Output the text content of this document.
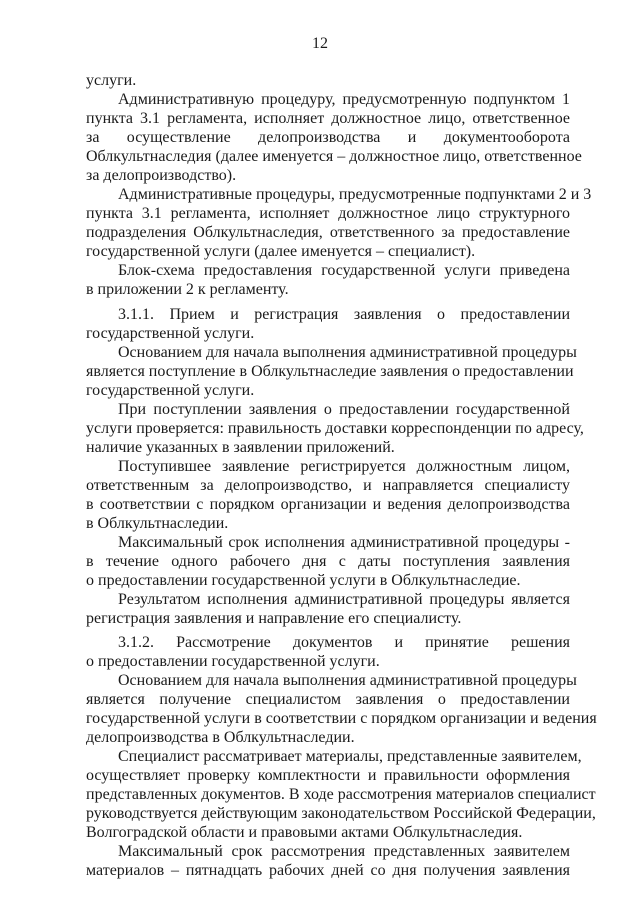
12
услуги.
Административную процедуру, предусмотренную подпунктом 1
пункта 3.1 регламента, исполняет должностное лицо, ответственное
за осуществление делопроизводства и документооборота
Облкультнаследия (далее именуется – должностное лицо, ответственное
за делопроизводство).
Административные процедуры, предусмотренные подпунктами 2 и 3
пункта 3.1 регламента, исполняет должностное лицо структурного
подразделения Облкультнаследия, ответственного за предоставление
государственной услуги (далее именуется – специалист).
Блок-схема предоставления государственной услуги приведена
в приложении 2 к регламенту.
3.1.1. Прием и регистрация заявления о предоставлении
государственной услуги.
Основанием для начала выполнения административной процедуры
является поступление в Облкультнаследие заявления о предоставлении
государственной услуги.
При поступлении заявления о предоставлении государственной
услуги проверяется: правильность доставки корреспонденции по адресу,
наличие указанных в заявлении приложений.
Поступившее заявление регистрируется должностным лицом,
ответственным за делопроизводство, и направляется специалисту
в соответствии с порядком организации и ведения делопроизводства
в Облкультнаследии.
Максимальный срок исполнения административной процедуры -
в течение одного рабочего дня с даты поступления заявления
о предоставлении государственной услуги в Облкультнаследие.
Результатом исполнения административной процедуры является
регистрация заявления и направление его специалисту.
3.1.2. Рассмотрение документов и принятие решения
о предоставлении государственной услуги.
Основанием для начала выполнения административной процедуры
является получение специалистом заявления о предоставлении
государственной услуги в соответствии с порядком организации и ведения
делопроизводства в Облкультнаследии.
Специалист рассматривает материалы, представленные заявителем,
осуществляет проверку комплектности и правильности оформления
представленных документов. В ходе рассмотрения материалов специалист
руководствуется действующим законодательством Российской Федерации,
Волгоградской области и правовыми актами Облкультнаследия.
Максимальный срок рассмотрения представленных заявителем
материалов – пятнадцать рабочих дней со дня получения заявления
